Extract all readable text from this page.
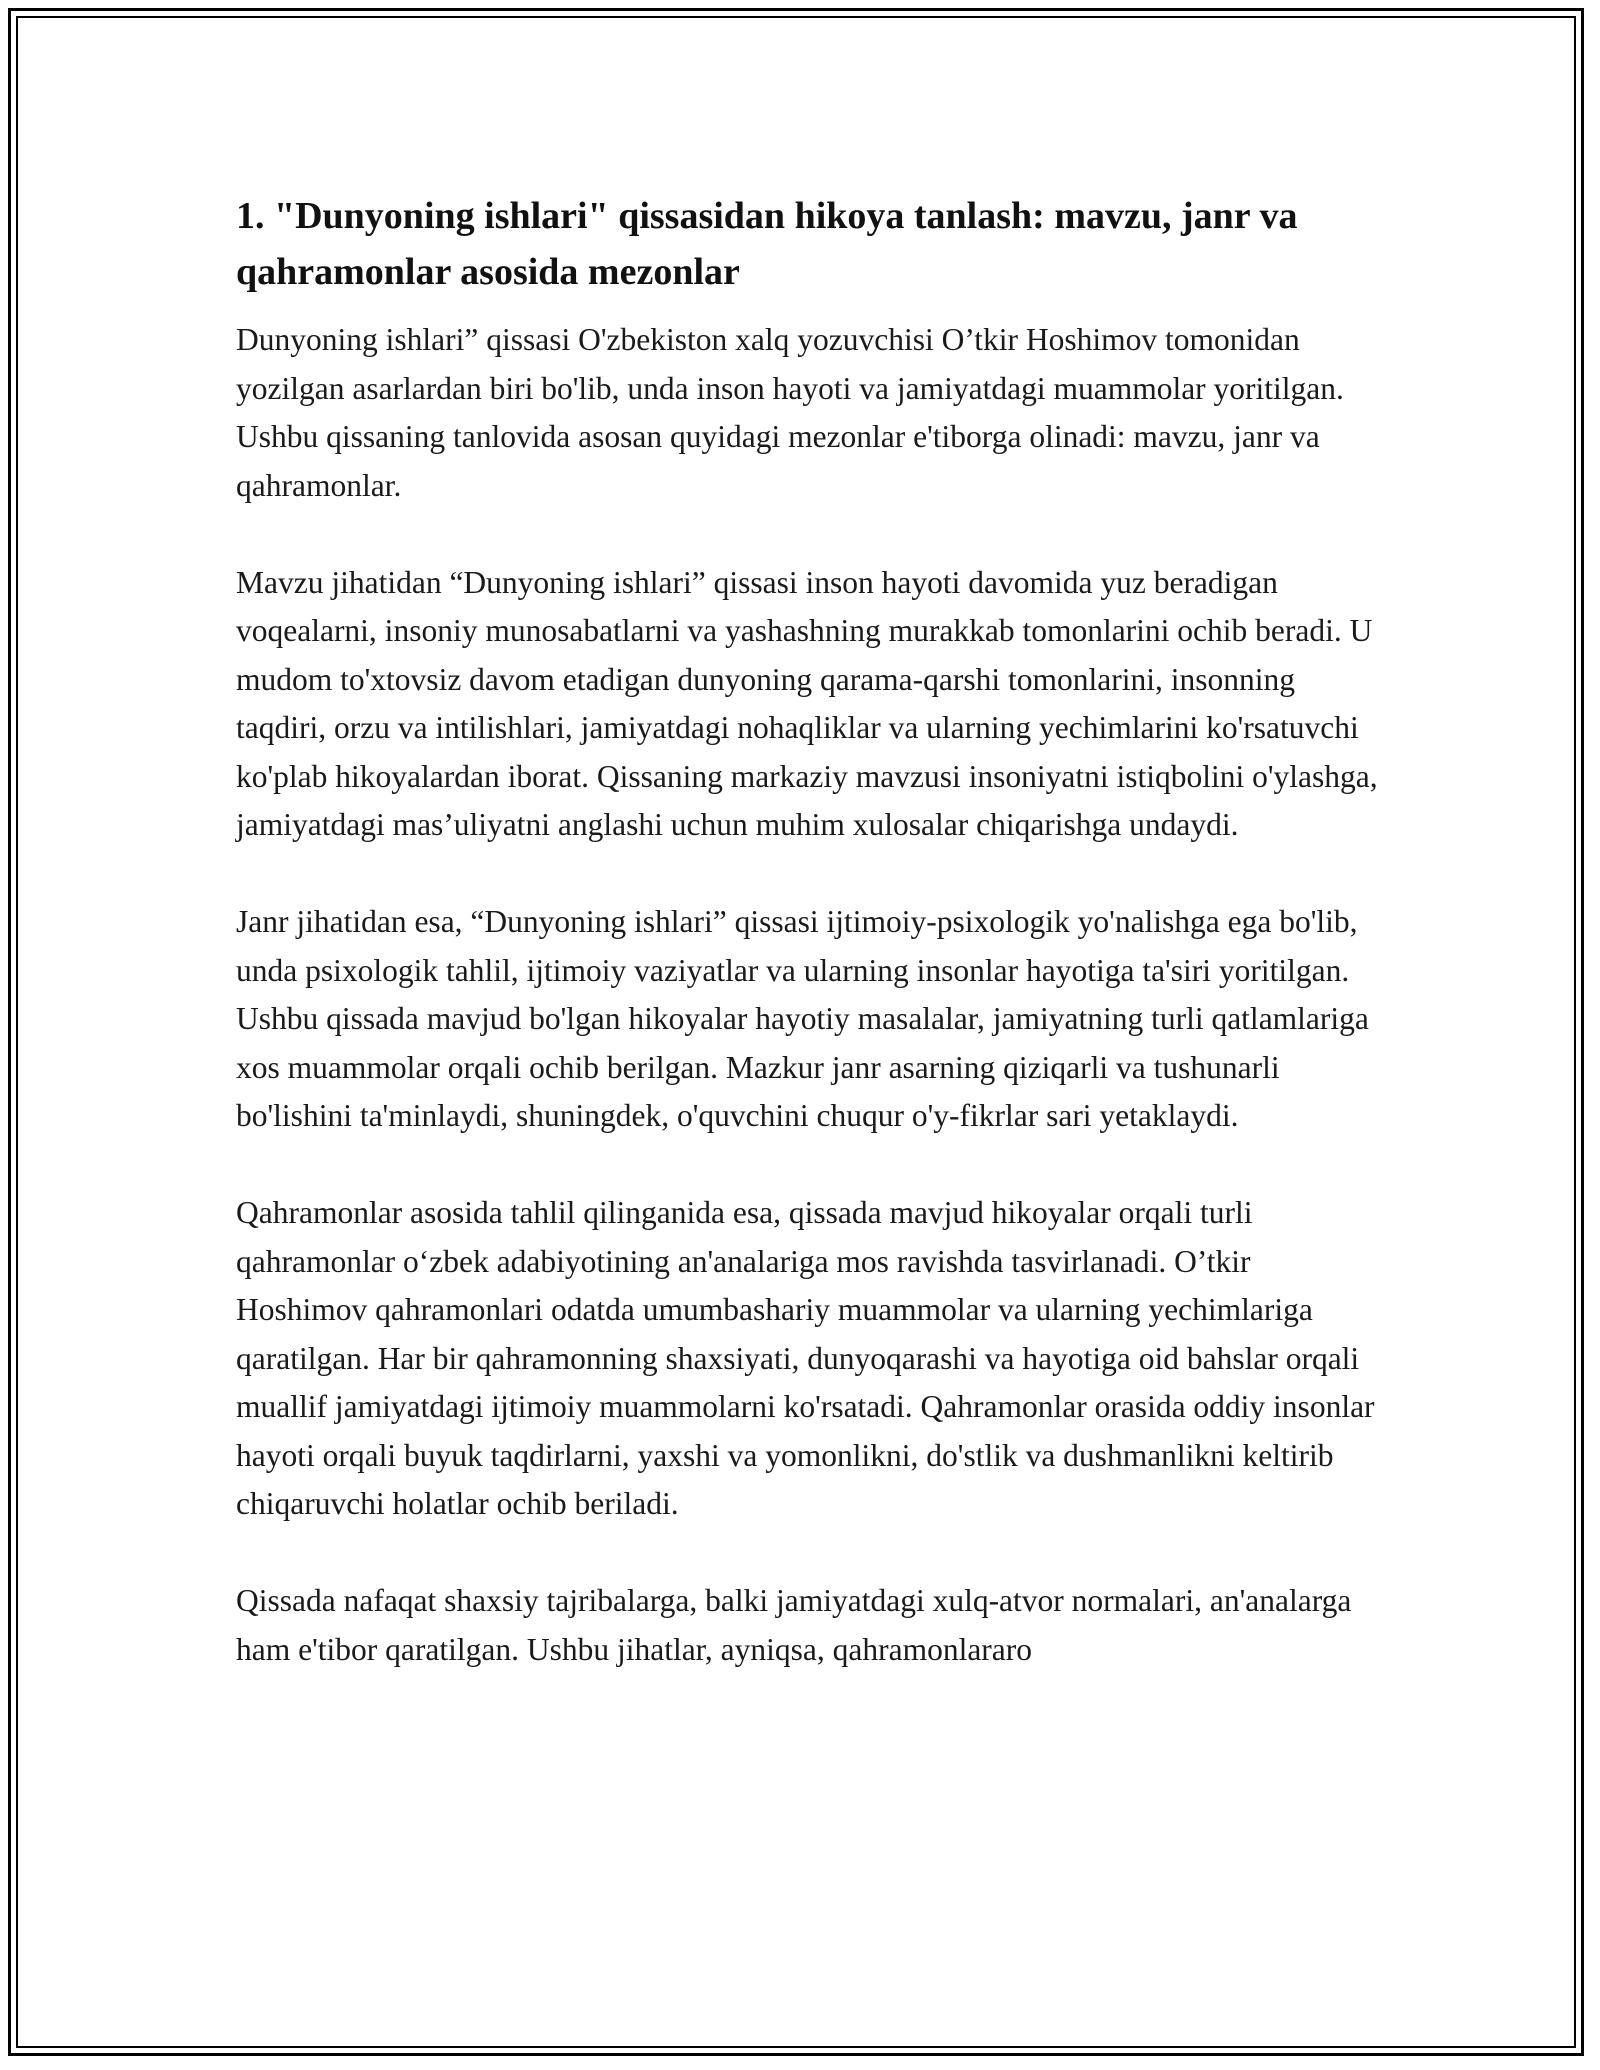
1. "Dunyoning ishlari" qissasidan hikoya tanlash: mavzu, janr va qahramonlar asosida mezonlar

Dunyoning ishlari” qissasi O'zbekiston xalq yozuvchisi O’tkir Hoshimov tomonidan yozilgan asarlardan biri bo'lib, unda inson hayoti va jamiyatdagi muammolar yoritilgan. Ushbu qissaning tanlovida asosan quyidagi mezonlar e'tiborga olinadi: mavzu, janr va qahramonlar.

Mavzu jihatidan “Dunyoning ishlari” qissasi inson hayoti davomida yuz beradigan voqealarni, insoniy munosabatlarni va yashashning murakkab tomonlarini ochib beradi. U mudom to'xtovsiz davom etadigan dunyoning qarama-qarshi tomonlarini, insonning taqdiri, orzu va intilishlari, jamiyatdagi nohaqliklar va ularning yechimlarini ko'rsatuvchi ko'plab hikoyalardan iborat. Qissaning markaziy mavzusi insoniyatni istiqbolini o'ylashga, jamiyatdagi mas’uliyatni anglashi uchun muhim xulosalar chiqarishga undaydi.

Janr jihatidan esa, “Dunyoning ishlari” qissasi ijtimoiy-psixologik yo'nalishga ega bo'lib, unda psixologik tahlil, ijtimoiy vaziyatlar va ularning insonlar hayotiga ta'siri yoritilgan. Ushbu qissada mavjud bo'lgan hikoyalar hayotiy masalalar, jamiyatning turli qatlamlariga xos muammolar orqali ochib berilgan. Mazkur janr asarning qiziqarli va tushunarli bo'lishini ta'minlaydi, shuningdek, o'quvchini chuqur o'y-fikrlar sari yetaklaydi.

Qahramonlar asosida tahlil qilinganida esa, qissada mavjud hikoyalar orqali turli qahramonlar o‘zbek adabiyotining an'analariga mos ravishda tasvirlanadi. O’tkir Hoshimov qahramonlari odatda umumbashariy muammolar va ularning yechimlariga qaratilgan. Har bir qahramonning shaxsiyati, dunyoqarashi va hayotiga oid bahslar orqali muallif jamiyatdagi ijtimoiy muammolarni ko'rsatadi. Qahramonlar orasida oddiy insonlar hayoti orqali buyuk taqdirlarni, yaxshi va yomonlikni, do'stlik va dushmanlikni keltirib chiqaruvchi holatlar ochib beriladi.

Qissada nafaqat shaxsiy tajribalarga, balki jamiyatdagi xulq-atvor normalari, an'analarga ham e'tibor qaratilgan. Ushbu jihatlar, ayniqsa, qahramonlararo
